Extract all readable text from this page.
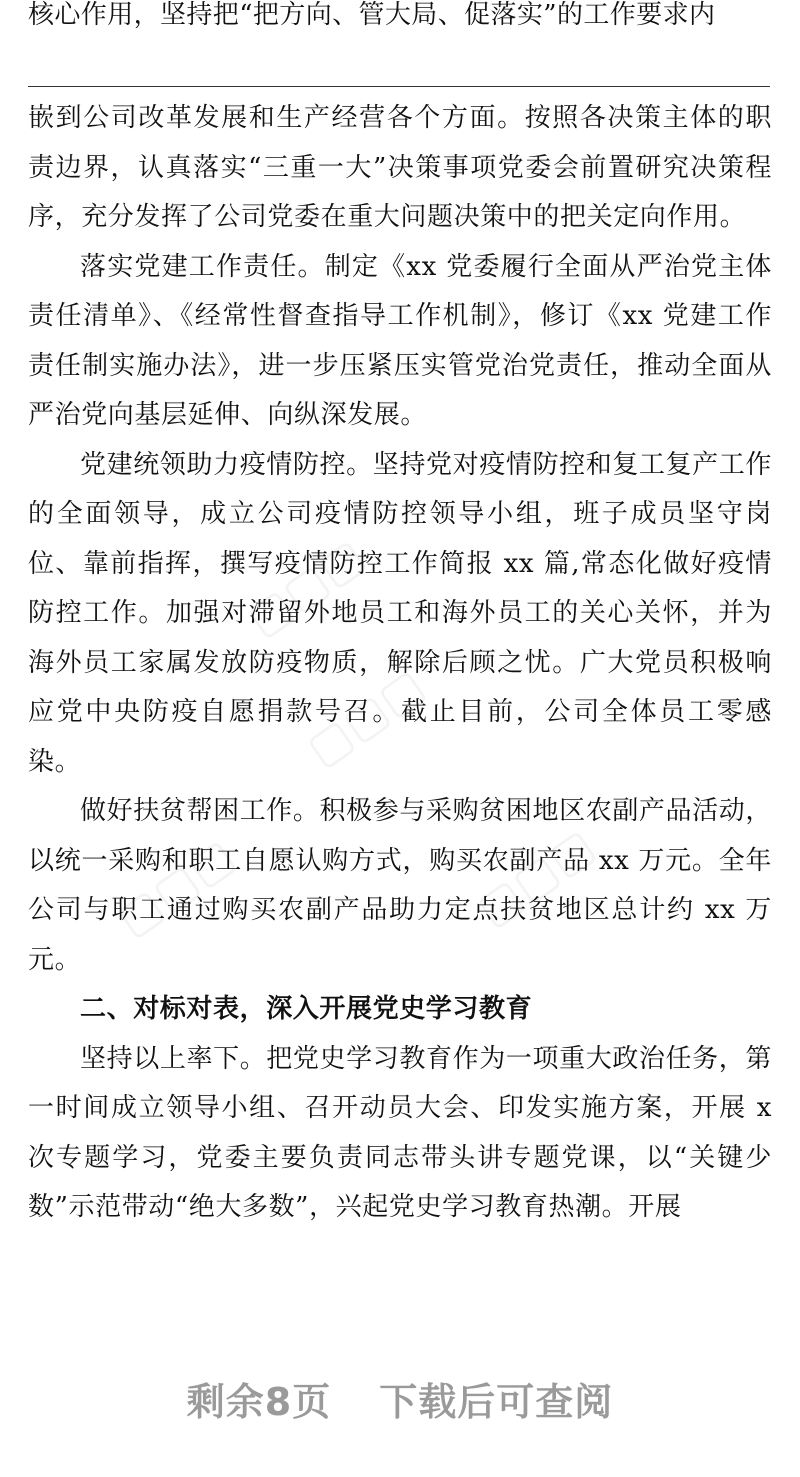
核心作用，坚持把“把方向、管大局、促落实”的工作要求内
▢▢▢
▢▢▢	▢▢▢
▢▢▢

嵌到公司改革发展和生产经营各个方面。按照各决策主体的职责边界，认真落实“三重一大”决策事项党委会前置研究决策程序，充分发挥了公司党委在重大问题决策中的把关定向作用。

落实党建工作责任。制定《xx 党委履行全面从严治党主体责任清单》、《经常性督查指导工作机制》，修订《xx 党建工作责任制实施办法》，进一步压紧压实管党治党责任，推动全面从严治党向基层延伸、向纵深发展。

党建统领助力疫情防控。坚持党对疫情防控和复工复产工作的全面领导，成立公司疫情防控领导小组，班子成员坚守岗位、靠前指挥，撰写疫情防控工作简报 xx 篇,常态化做好疫情防控工作。加强对滞留外地员工和海外员工的关心关怀，并为海外员工家属发放防疫物质，解除后顾之忧。广大党员积极响应党中央防疫自愿捐款号召。截止目前，公司全体员工零感染。

做好扶贫帮困工作。积极参与采购贫困地区农副产品活动，以统一采购和职工自愿认购方式，购买农副产品 xx 万元。全年公司与职工通过购买农副产品助力定点扶贫地区总计约 xx 万元。

二、对标对表，深入开展党史学习教育

坚持以上率下。把党史学习教育作为一项重大政治任务，第一时间成立领导小组、召开动员大会、印发实施方案，开展 x 次专题学习，党委主要负责同志带头讲专题党课，以“关键少数”示范带动“绝大多数”，兴起党史学习教育热潮。开展

剩余8页 下载后可查阅
